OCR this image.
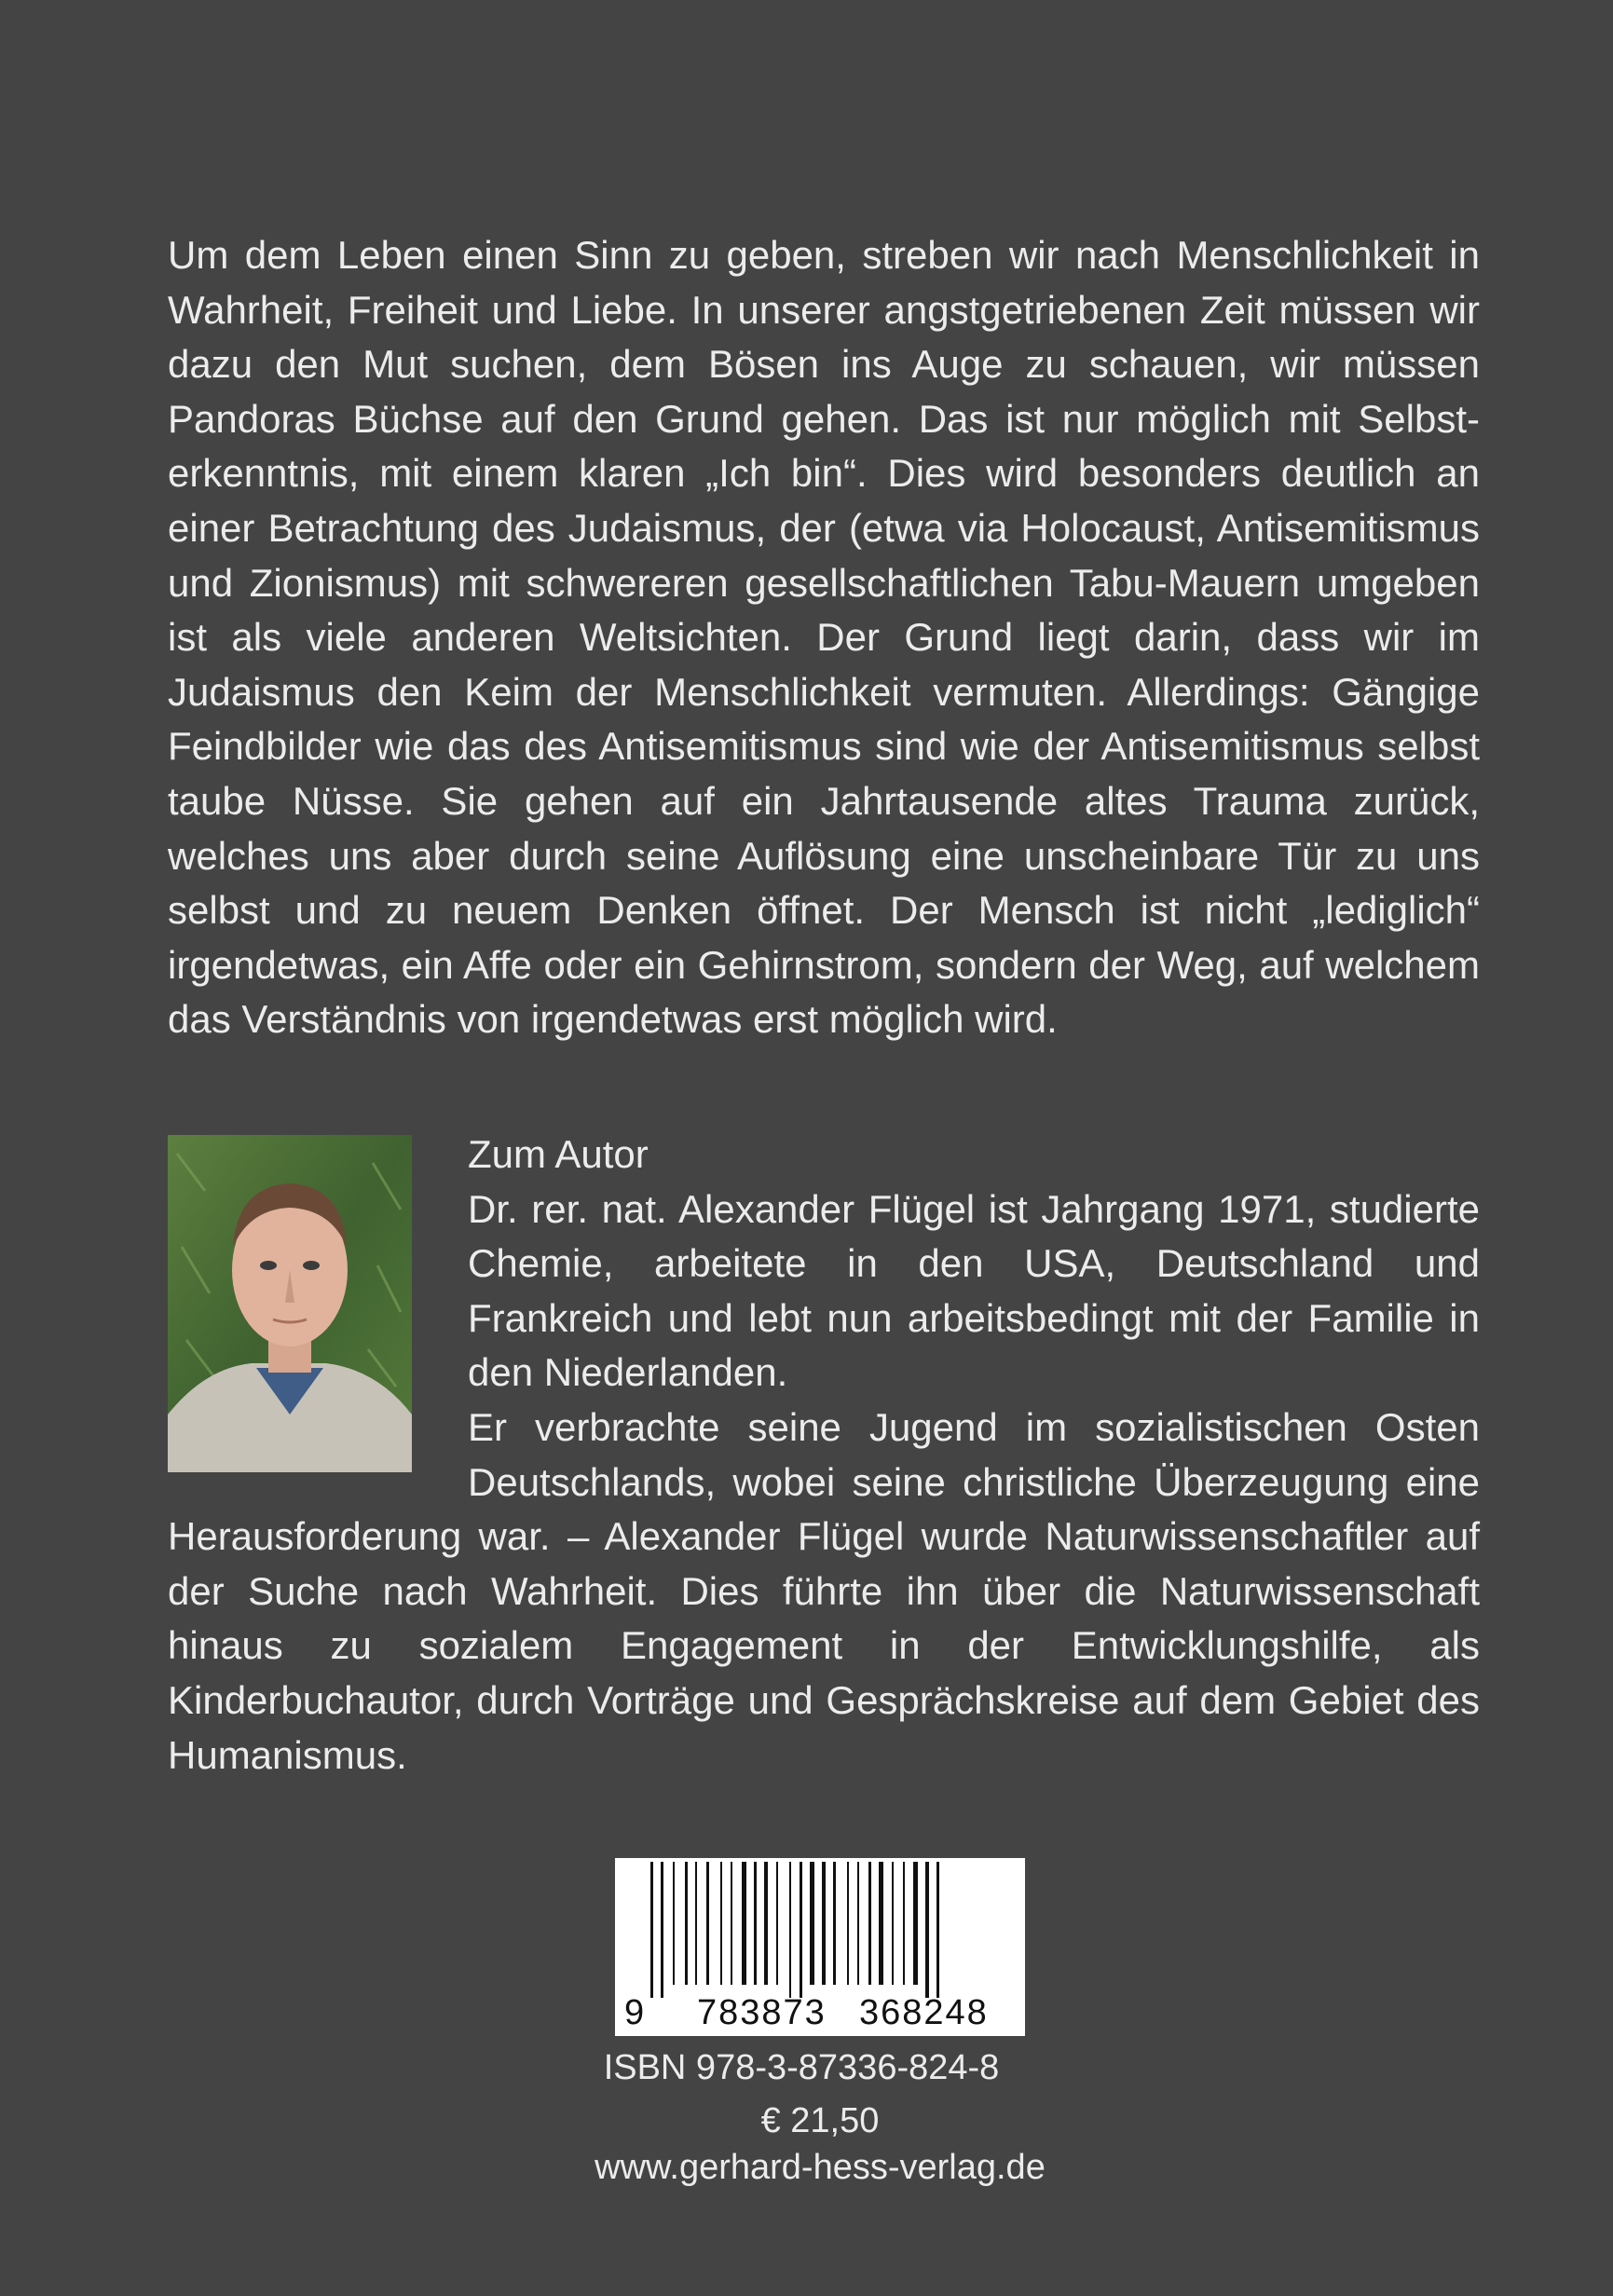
Um dem Leben einen Sinn zu geben, streben wir nach Menschlichkeit in Wahrheit, Freiheit und Liebe. In unserer angstgetriebenen Zeit müssen wir dazu den Mut suchen, dem Bösen ins Auge zu schauen, wir müssen Pandoras Büchse auf den Grund gehen. Das ist nur möglich mit Selbsterkenntnis, mit einem klaren „Ich bin“. Dies wird besonders deutlich an einer Betrachtung des Judaismus, der (etwa via Holocaust, Antisemitismus und Zionismus) mit schwereren gesellschaftlichen Tabu-Mauern umgeben ist als viele anderen Weltsichten. Der Grund liegt darin, dass wir im Judaismus den Keim der Menschlichkeit vermuten. Allerdings: Gängige Feindbilder wie das des Antisemitismus sind wie der Antisemitismus selbst taube Nüsse. Sie gehen auf ein Jahrtausende altes Trauma zurück, welches uns aber durch seine Auflösung eine unscheinbare Tür zu uns selbst und zu neuem Denken öffnet. Der Mensch ist nicht „lediglich“ irgendetwas, ein Affe oder ein Gehirnstrom, sondern der Weg, auf welchem das Verständnis von irgendetwas erst möglich wird.

Zum Autor
Dr. rer. nat. Alexander Flügel ist Jahrgang 1971, studierte Chemie, arbeitete in den USA, Deutschland und Frankreich und lebt nun arbeitsbedingt mit der Familie in den Niederlanden.
Er verbrachte seine Jugend im sozialistischen Osten Deutschlands, wobei seine christliche Überzeugung eine Herausforderung war. – Alexander Flügel wurde Naturwissenschaftler auf der Suche nach Wahrheit. Dies führte ihn über die Naturwissenschaft hinaus zu sozialem Engagement in der Entwicklungshilfe, als Kinderbuchautor, durch Vorträge und Gesprächskreise auf dem Gebiet des Humanismus.

9 783873 368248
ISBN 978-3-87336-824-8
€ 21,50
www.gerhard-hess-verlag.de
